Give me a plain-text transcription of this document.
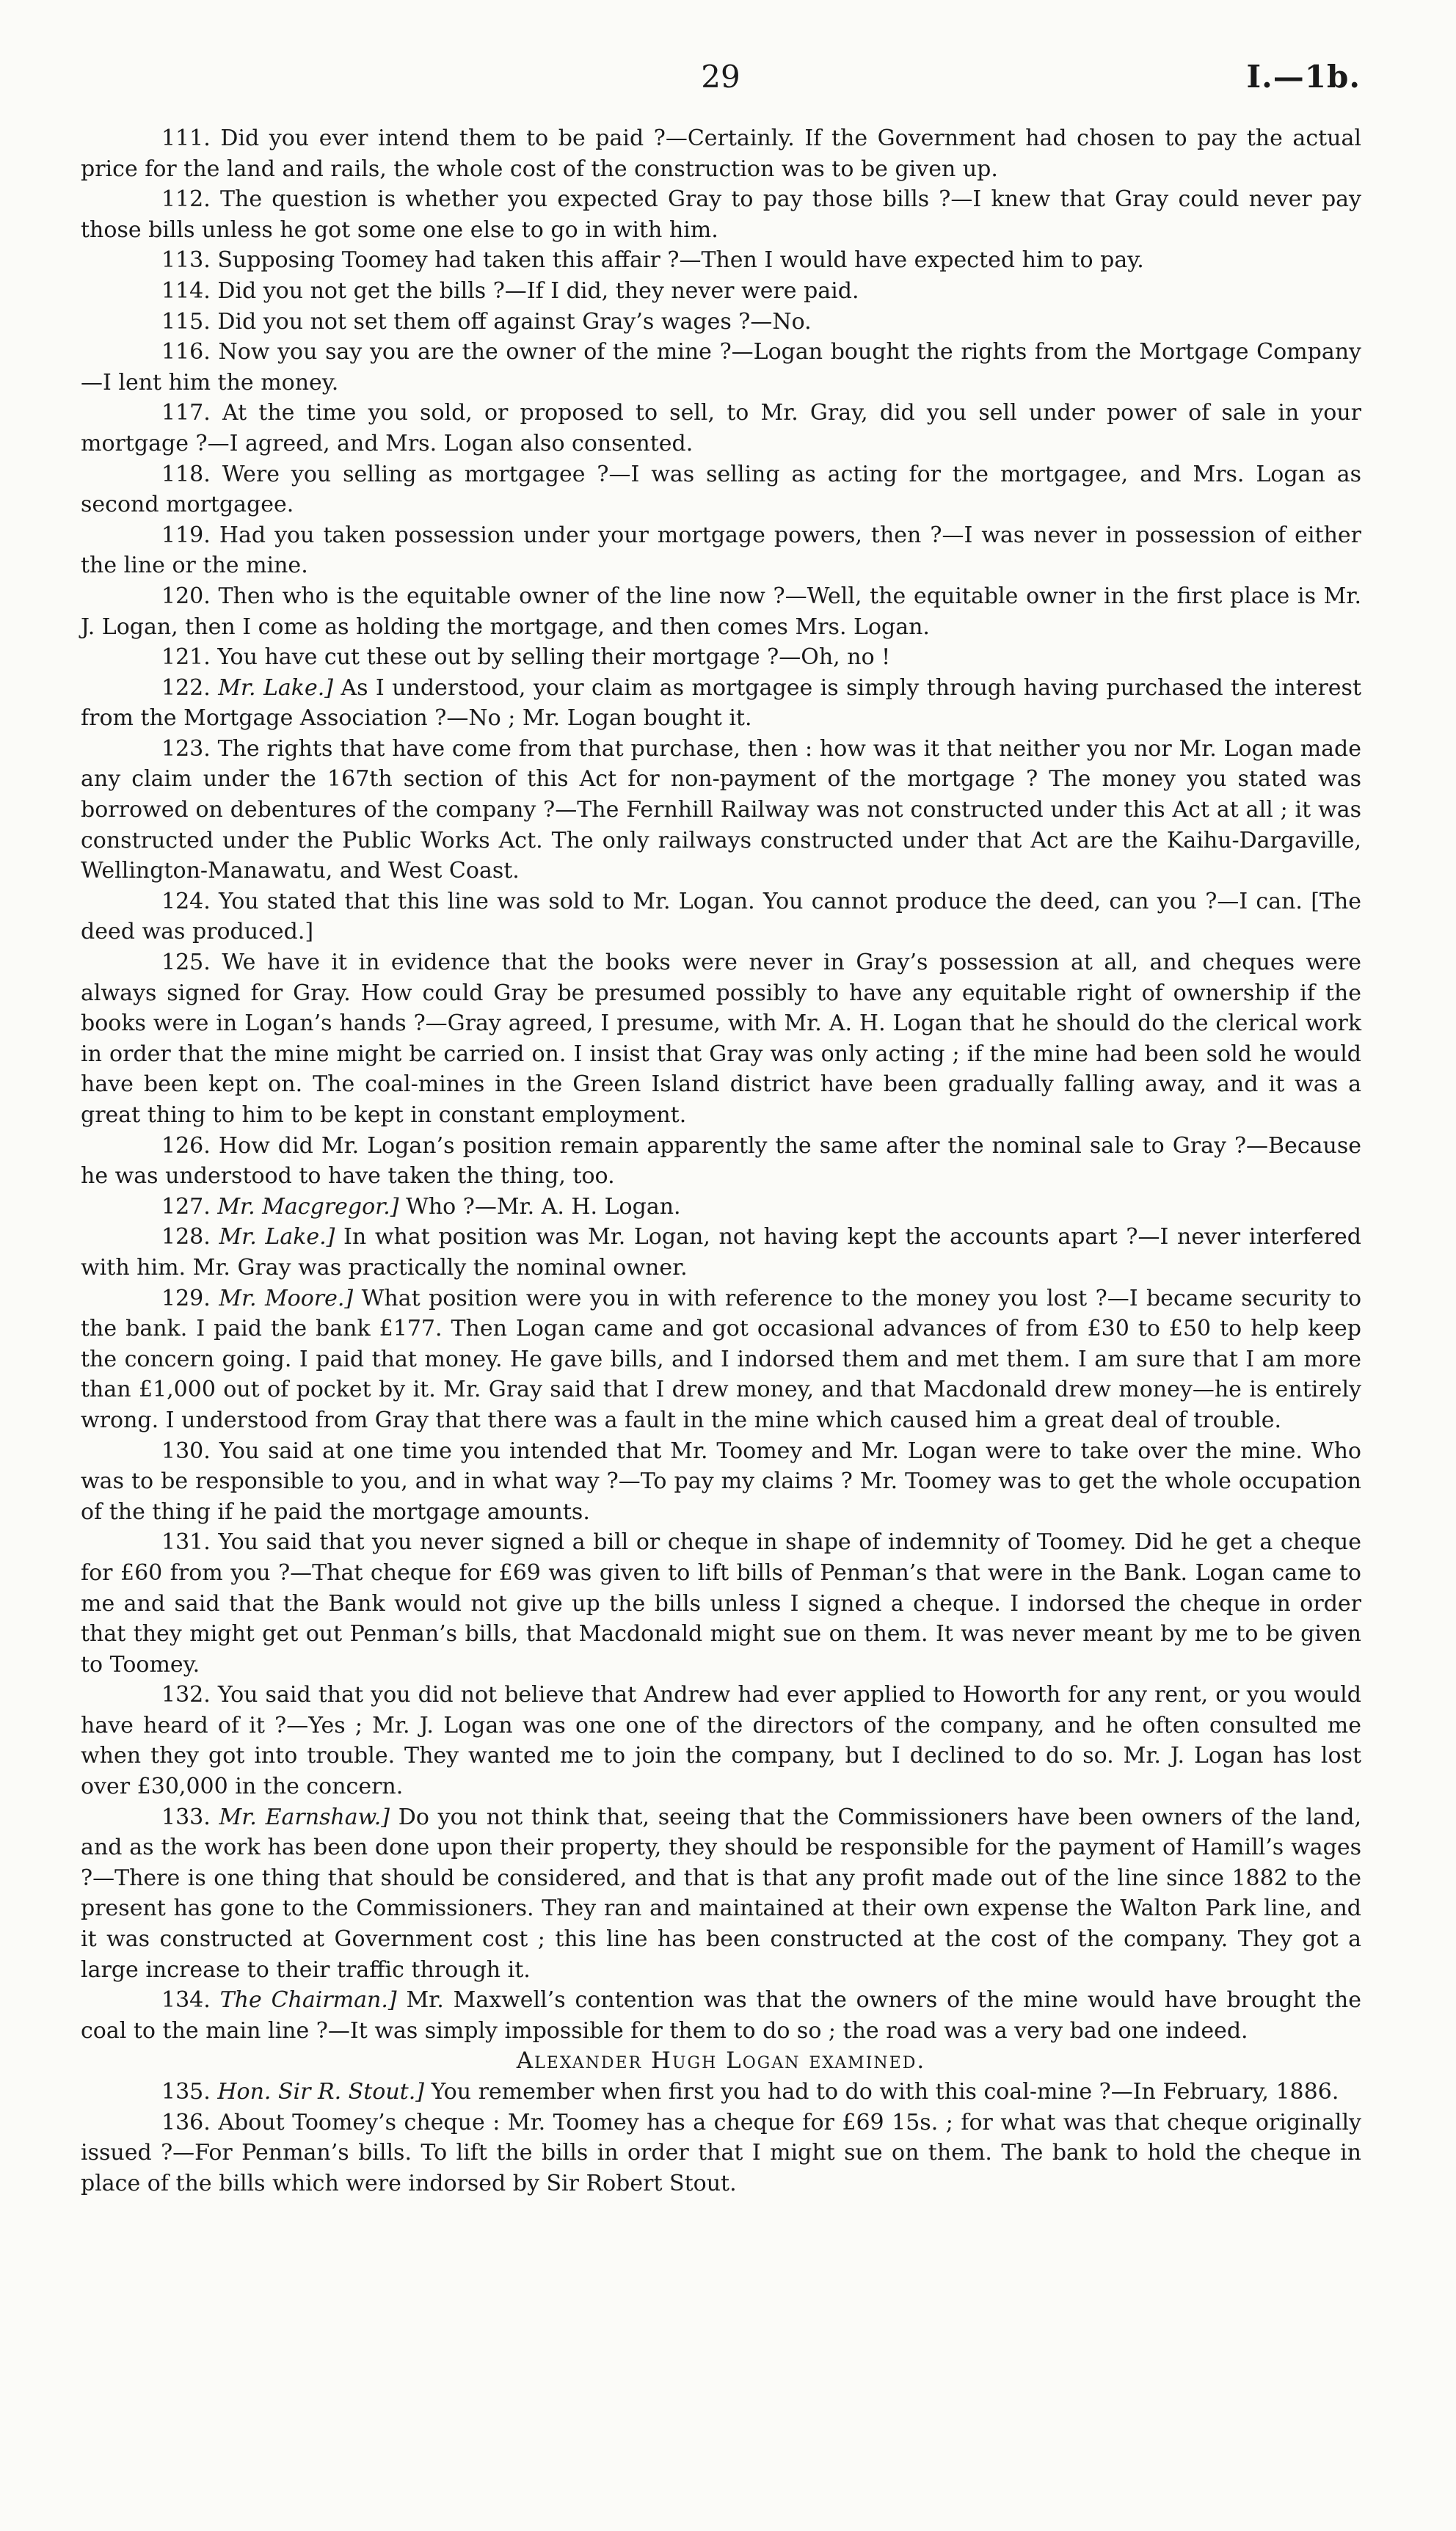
29	I.—1b.

111. Did you ever intend them to be paid ?—Certainly. If the Government had chosen to pay the actual price for the land and rails, the whole cost of the construction was to be given up.

112. The question is whether you expected Gray to pay those bills ?—I knew that Gray could never pay those bills unless he got some one else to go in with him.

113. Supposing Toomey had taken this affair ?—Then I would have expected him to pay.

114. Did you not get the bills ?—If I did, they never were paid.

115. Did you not set them off against Gray’s wages ?—No.

116. Now you say you are the owner of the mine ?—Logan bought the rights from the Mortgage Company—I lent him the money.

117. At the time you sold, or proposed to sell, to Mr. Gray, did you sell under power of sale in your mortgage ?—I agreed, and Mrs. Logan also consented.

118. Were you selling as mortgagee ?—I was selling as acting for the mortgagee, and Mrs. Logan as second mortgagee.

119. Had you taken possession under your mortgage powers, then ?—I was never in possession of either the line or the mine.

120. Then who is the equitable owner of the line now ?—Well, the equitable owner in the first place is Mr. J. Logan, then I come as holding the mortgage, and then comes Mrs. Logan.

121. You have cut these out by selling their mortgage ?—Oh, no !

122. Mr. Lake.] As I understood, your claim as mortgagee is simply through having purchased the interest from the Mortgage Association ?—No ; Mr. Logan bought it.

123. The rights that have come from that purchase, then : how was it that neither you nor Mr. Logan made any claim under the 167th section of this Act for non-payment of the mortgage ? The money you stated was borrowed on debentures of the company ?—The Fernhill Railway was not constructed under this Act at all ; it was constructed under the Public Works Act. The only railways constructed under that Act are the Kaihu-Dargaville, Wellington-Manawatu, and West Coast.

124. You stated that this line was sold to Mr. Logan. You cannot produce the deed, can you ?—I can. [The deed was produced.]

125. We have it in evidence that the books were never in Gray’s possession at all, and cheques were always signed for Gray. How could Gray be presumed possibly to have any equitable right of ownership if the books were in Logan’s hands ?—Gray agreed, I presume, with Mr. A. H. Logan that he should do the clerical work in order that the mine might be carried on. I insist that Gray was only acting ; if the mine had been sold he would have been kept on. The coal-mines in the Green Island district have been gradually falling away, and it was a great thing to him to be kept in constant employment.

126. How did Mr. Logan’s position remain apparently the same after the nominal sale to Gray ?—Because he was understood to have taken the thing, too.

127. Mr. Macgregor.] Who ?—Mr. A. H. Logan.

128. Mr. Lake.] In what position was Mr. Logan, not having kept the accounts apart ?—I never interfered with him. Mr. Gray was practically the nominal owner.

129. Mr. Moore.] What position were you in with reference to the money you lost ?—I became security to the bank. I paid the bank £177. Then Logan came and got occasional advances of from £30 to £50 to help keep the concern going. I paid that money. He gave bills, and I indorsed them and met them. I am sure that I am more than £1,000 out of pocket by it. Mr. Gray said that I drew money, and that Macdonald drew money—he is entirely wrong. I understood from Gray that there was a fault in the mine which caused him a great deal of trouble.

130. You said at one time you intended that Mr. Toomey and Mr. Logan were to take over the mine. Who was to be responsible to you, and in what way ?—To pay my claims ? Mr. Toomey was to get the whole occupation of the thing if he paid the mortgage amounts.

131. You said that you never signed a bill or cheque in shape of indemnity of Toomey. Did he get a cheque for £60 from you ?—That cheque for £69 was given to lift bills of Penman’s that were in the Bank. Logan came to me and said that the Bank would not give up the bills unless I signed a cheque. I indorsed the cheque in order that they might get out Penman’s bills, that Macdonald might sue on them. It was never meant by me to be given to Toomey.

132. You said that you did not believe that Andrew had ever applied to Howorth for any rent, or you would have heard of it ?—Yes ; Mr. J. Logan was one one of the directors of the company, and he often consulted me when they got into trouble. They wanted me to join the company, but I declined to do so. Mr. J. Logan has lost over £30,000 in the concern.

133. Mr. Earnshaw.] Do you not think that, seeing that the Commissioners have been owners of the land, and as the work has been done upon their property, they should be responsible for the payment of Hamill’s wages ?—There is one thing that should be considered, and that is that any profit made out of the line since 1882 to the present has gone to the Commissioners. They ran and maintained at their own expense the Walton Park line, and it was constructed at Government cost ; this line has been constructed at the cost of the company. They got a large increase to their traffic through it.

134. The Chairman.] Mr. Maxwell’s contention was that the owners of the mine would have brought the coal to the main line ?—It was simply impossible for them to do so ; the road was a very bad one indeed.

Alexander Hugh Logan examined.

135. Hon. Sir R. Stout.] You remember when first you had to do with this coal-mine ?—In February, 1886.

136. About Toomey’s cheque : Mr. Toomey has a cheque for £69 15s. ; for what was that cheque originally issued ?—For Penman’s bills. To lift the bills in order that I might sue on them. The bank to hold the cheque in place of the bills which were indorsed by Sir Robert Stout.
